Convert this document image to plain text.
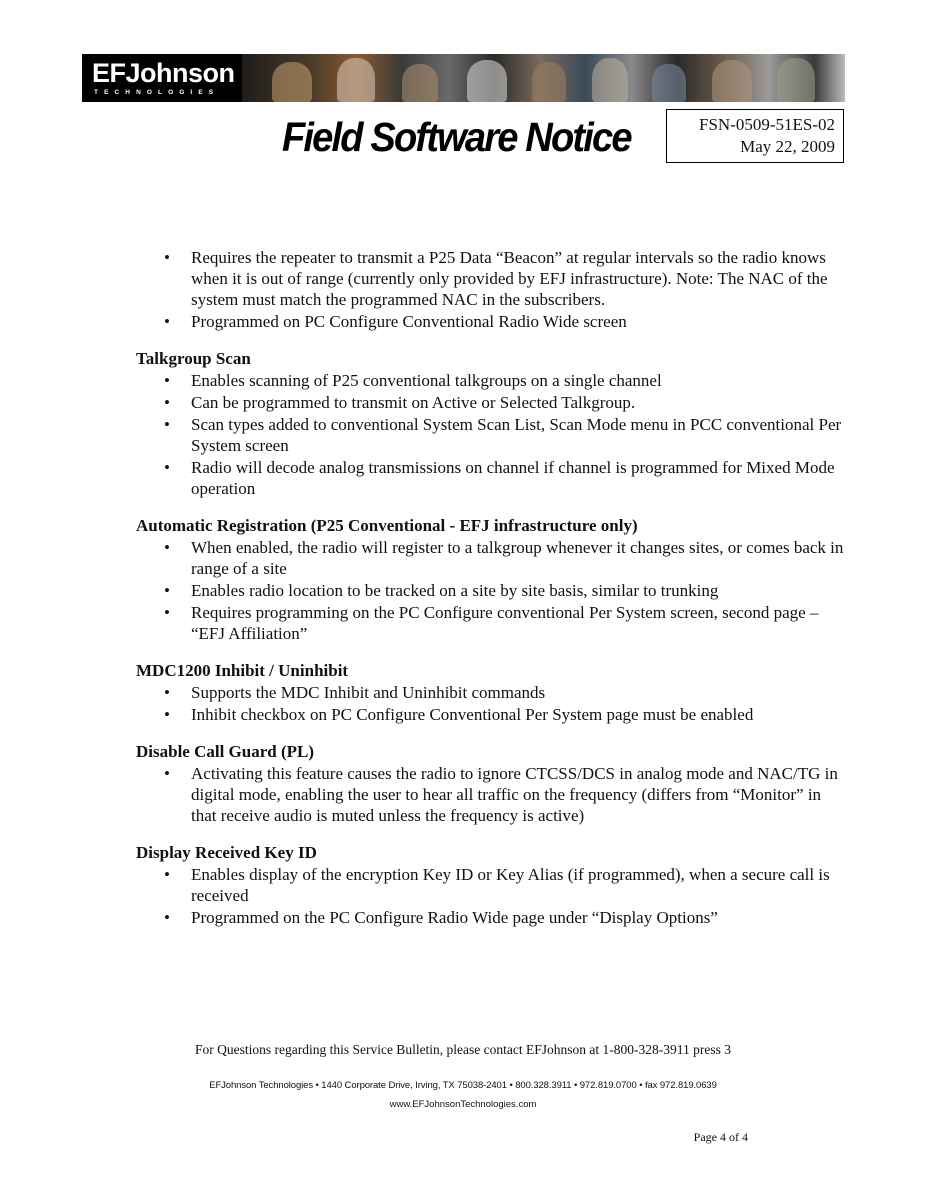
EFJohnson
TECHNOLOGIES
Field Software Notice	FSN-0509-51ES-02
May 22, 2009
• Requires the repeater to transmit a P25 Data “Beacon” at regular intervals so the radio knows when it is out of range (currently only provided by EFJ infrastructure). Note: The NAC of the system must match the programmed NAC in the subscribers.
• Programmed on PC Configure Conventional Radio Wide screen
Talkgroup Scan
• Enables scanning of P25 conventional talkgroups on a single channel
• Can be programmed to transmit on Active or Selected Talkgroup.
• Scan types added to conventional System Scan List, Scan Mode menu in PCC conventional Per System screen
• Radio will decode analog transmissions on channel if channel is programmed for Mixed Mode operation
Automatic Registration (P25 Conventional - EFJ infrastructure only)
• When enabled, the radio will register to a talkgroup whenever it changes sites, or comes back in range of a site
• Enables radio location to be tracked on a site by site basis, similar to trunking
• Requires programming on the PC Configure conventional Per System screen, second page – “EFJ Affiliation”
MDC1200 Inhibit / Uninhibit
• Supports the MDC Inhibit and Uninhibit commands
• Inhibit checkbox on PC Configure Conventional Per System page must be enabled
Disable Call Guard (PL)
• Activating this feature causes the radio to ignore CTCSS/DCS in analog mode and NAC/TG in digital mode, enabling the user to hear all traffic on the frequency (differs from “Monitor” in that receive audio is muted unless the frequency is active)
Display Received Key ID
• Enables display of the encryption Key ID or Key Alias (if programmed), when a secure call is received
• Programmed on the PC Configure Radio Wide page under “Display Options”
For Questions regarding this Service Bulletin, please contact EFJohnson at 1-800-328-3911 press 3
EFJohnson Technologies • 1440 Corporate Drive, Irving, TX 75038-2401 • 800.328.3911 • 972.819.0700 • fax 972.819.0639
www.EFJohnsonTechnologies.com
Page 4 of 4
